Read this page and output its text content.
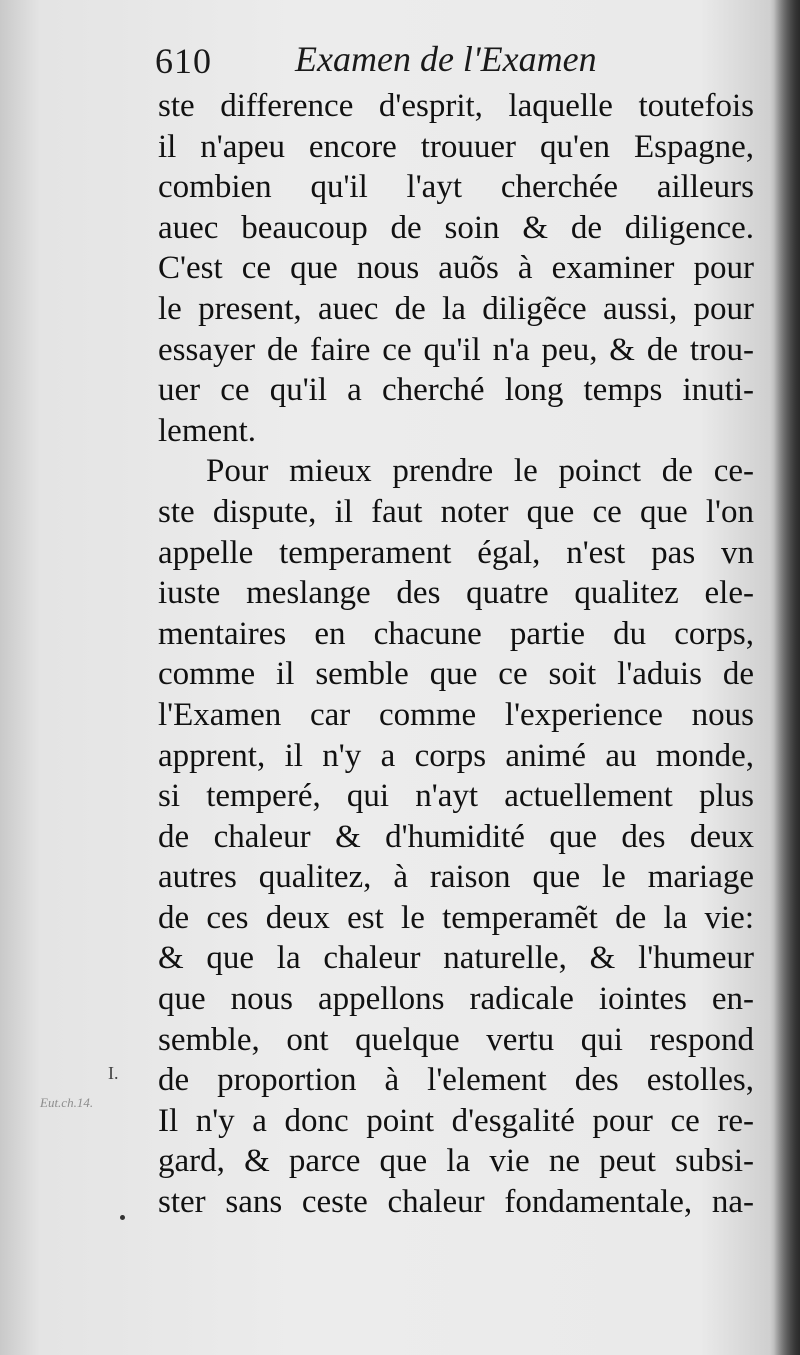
610 Examen de l'Examen
ste difference d'esprit, laquelle toutefois
il n'apeu encore trouuer qu'en Espagne,
combien qu'il l'ayt cherchée ailleurs
auec beaucoup de soin & de diligence.
C'est ce que nous auõs à examiner pour
le present, auec de la diligẽce aussi, pour
essayer de faire ce qu'il n'a peu, & de trou-
uer ce qu'il a cherché long temps inuti-
lement.
Pour mieux prendre le poinct de ce-
ste dispute, il faut noter que ce que l'on
appelle temperament égal, n'est pas vn
iuste meslange des quatre qualitez ele-
mentaires en chacune partie du corps,
comme il semble que ce soit l'aduis de
l'Examen car comme l'experience nous
apprent, il n'y a corps animé au monde,
si temperé, qui n'ayt actuellement plus
de chaleur & d'humidité que des deux
autres qualitez, à raison que le mariage
de ces deux est le temperamẽt de la vie:
& que la chaleur naturelle, & l'humeur
que nous appellons radicale iointes en-
semble, ont quelque vertu qui respond
de proportion à l'element des estolles,
Il n'y a donc point d'esgalité pour ce re-
gard, & parce que la vie ne peut subsi-
ster sans ceste chaleur fondamentale, na-
I.
Eut.ch.14.
